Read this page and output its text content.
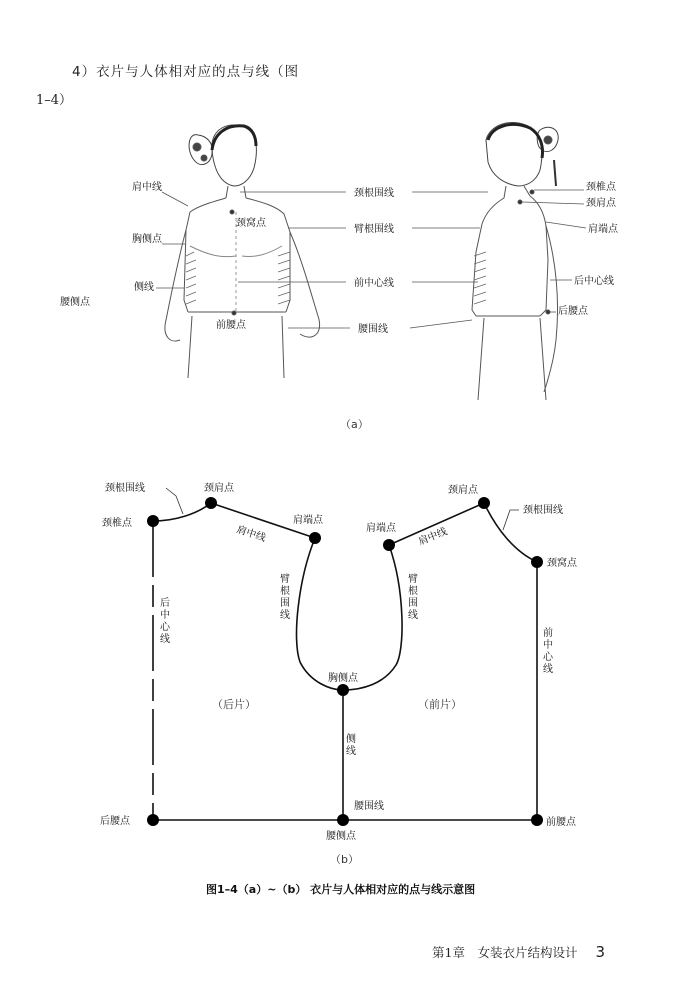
4）衣片与人体相对应的点与线（图
1–4）
肩中线
胸侧点
侧线
腰侧点
颈窝点
前腰点
颈根围线
臂根围线
前中心线
腰围线
颈椎点
颈肩点
肩端点
后中心线
后腰点
（a）
颈根围线
颈椎点
颈肩点
肩中线
肩端点
肩端点 肩中线
颈肩点
颈根围线
颈窝点
胸侧点
腰围线
腰侧点
后腰点	前腰点
（后片）	（前片）
后中心线
臂根围线
臂根围线
侧线
前中心线
（b）
图1–4（a）~（b） 衣片与人体相对应的点与线示意图
第1章　女装衣片结构设计 3
